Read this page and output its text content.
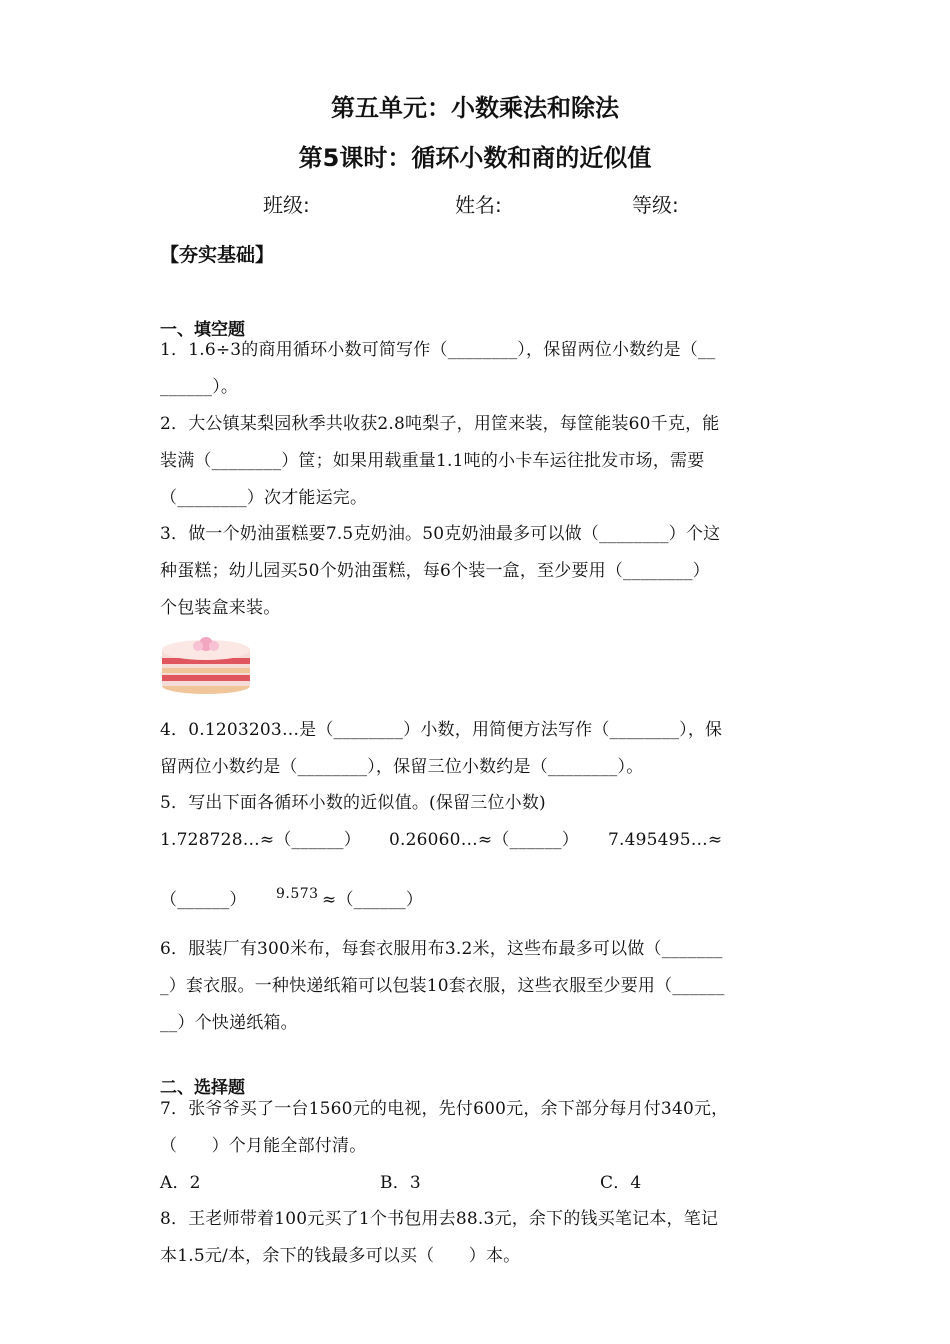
第五单元：小数乘法和除法
第5课时：循环小数和商的近似值
班级:	姓名:	等级:
【夯实基础】
一、填空题
1．1.6÷3的商用循环小数可简写作（________），保留两位小数约是（__
______）。
2．大公镇某梨园秋季共收获2.8吨梨子，用筐来装，每筐能装60千克，能
装满（________）筐；如果用载重量1.1吨的小卡车运往批发市场，需要
（________）次才能运完。
3．做一个奶油蛋糕要7.5克奶油。50克奶油最多可以做（________）个这
种蛋糕；幼儿园买50个奶油蛋糕，每6个装一盒，至少要用（________）
个包装盒来装。
4．0.1203203…是（________）小数，用简便方法写作（________），保
留两位小数约是（________），保留三位小数约是（________）。
5．写出下面各循环小数的近似值。(保留三位小数)
1.728728…≈（______） 0.26060…≈（______） 7.495495…≈
（______） 9.573 ≈（______）
6．服装厂有300米布，每套衣服用布3.2米，这些布最多可以做（_______
_）套衣服。一种快递纸箱可以包装10套衣服，这些衣服至少要用（______
__）个快递纸箱。
二、选择题
7．张爷爷买了一台1560元的电视，先付600元，余下部分每月付340元，
（　　）个月能全部付清。
A．2	B．3	C．4
8．王老师带着100元买了1个书包用去88.3元，余下的钱买笔记本，笔记
本1.5元/本，余下的钱最多可以买（　　）本。
